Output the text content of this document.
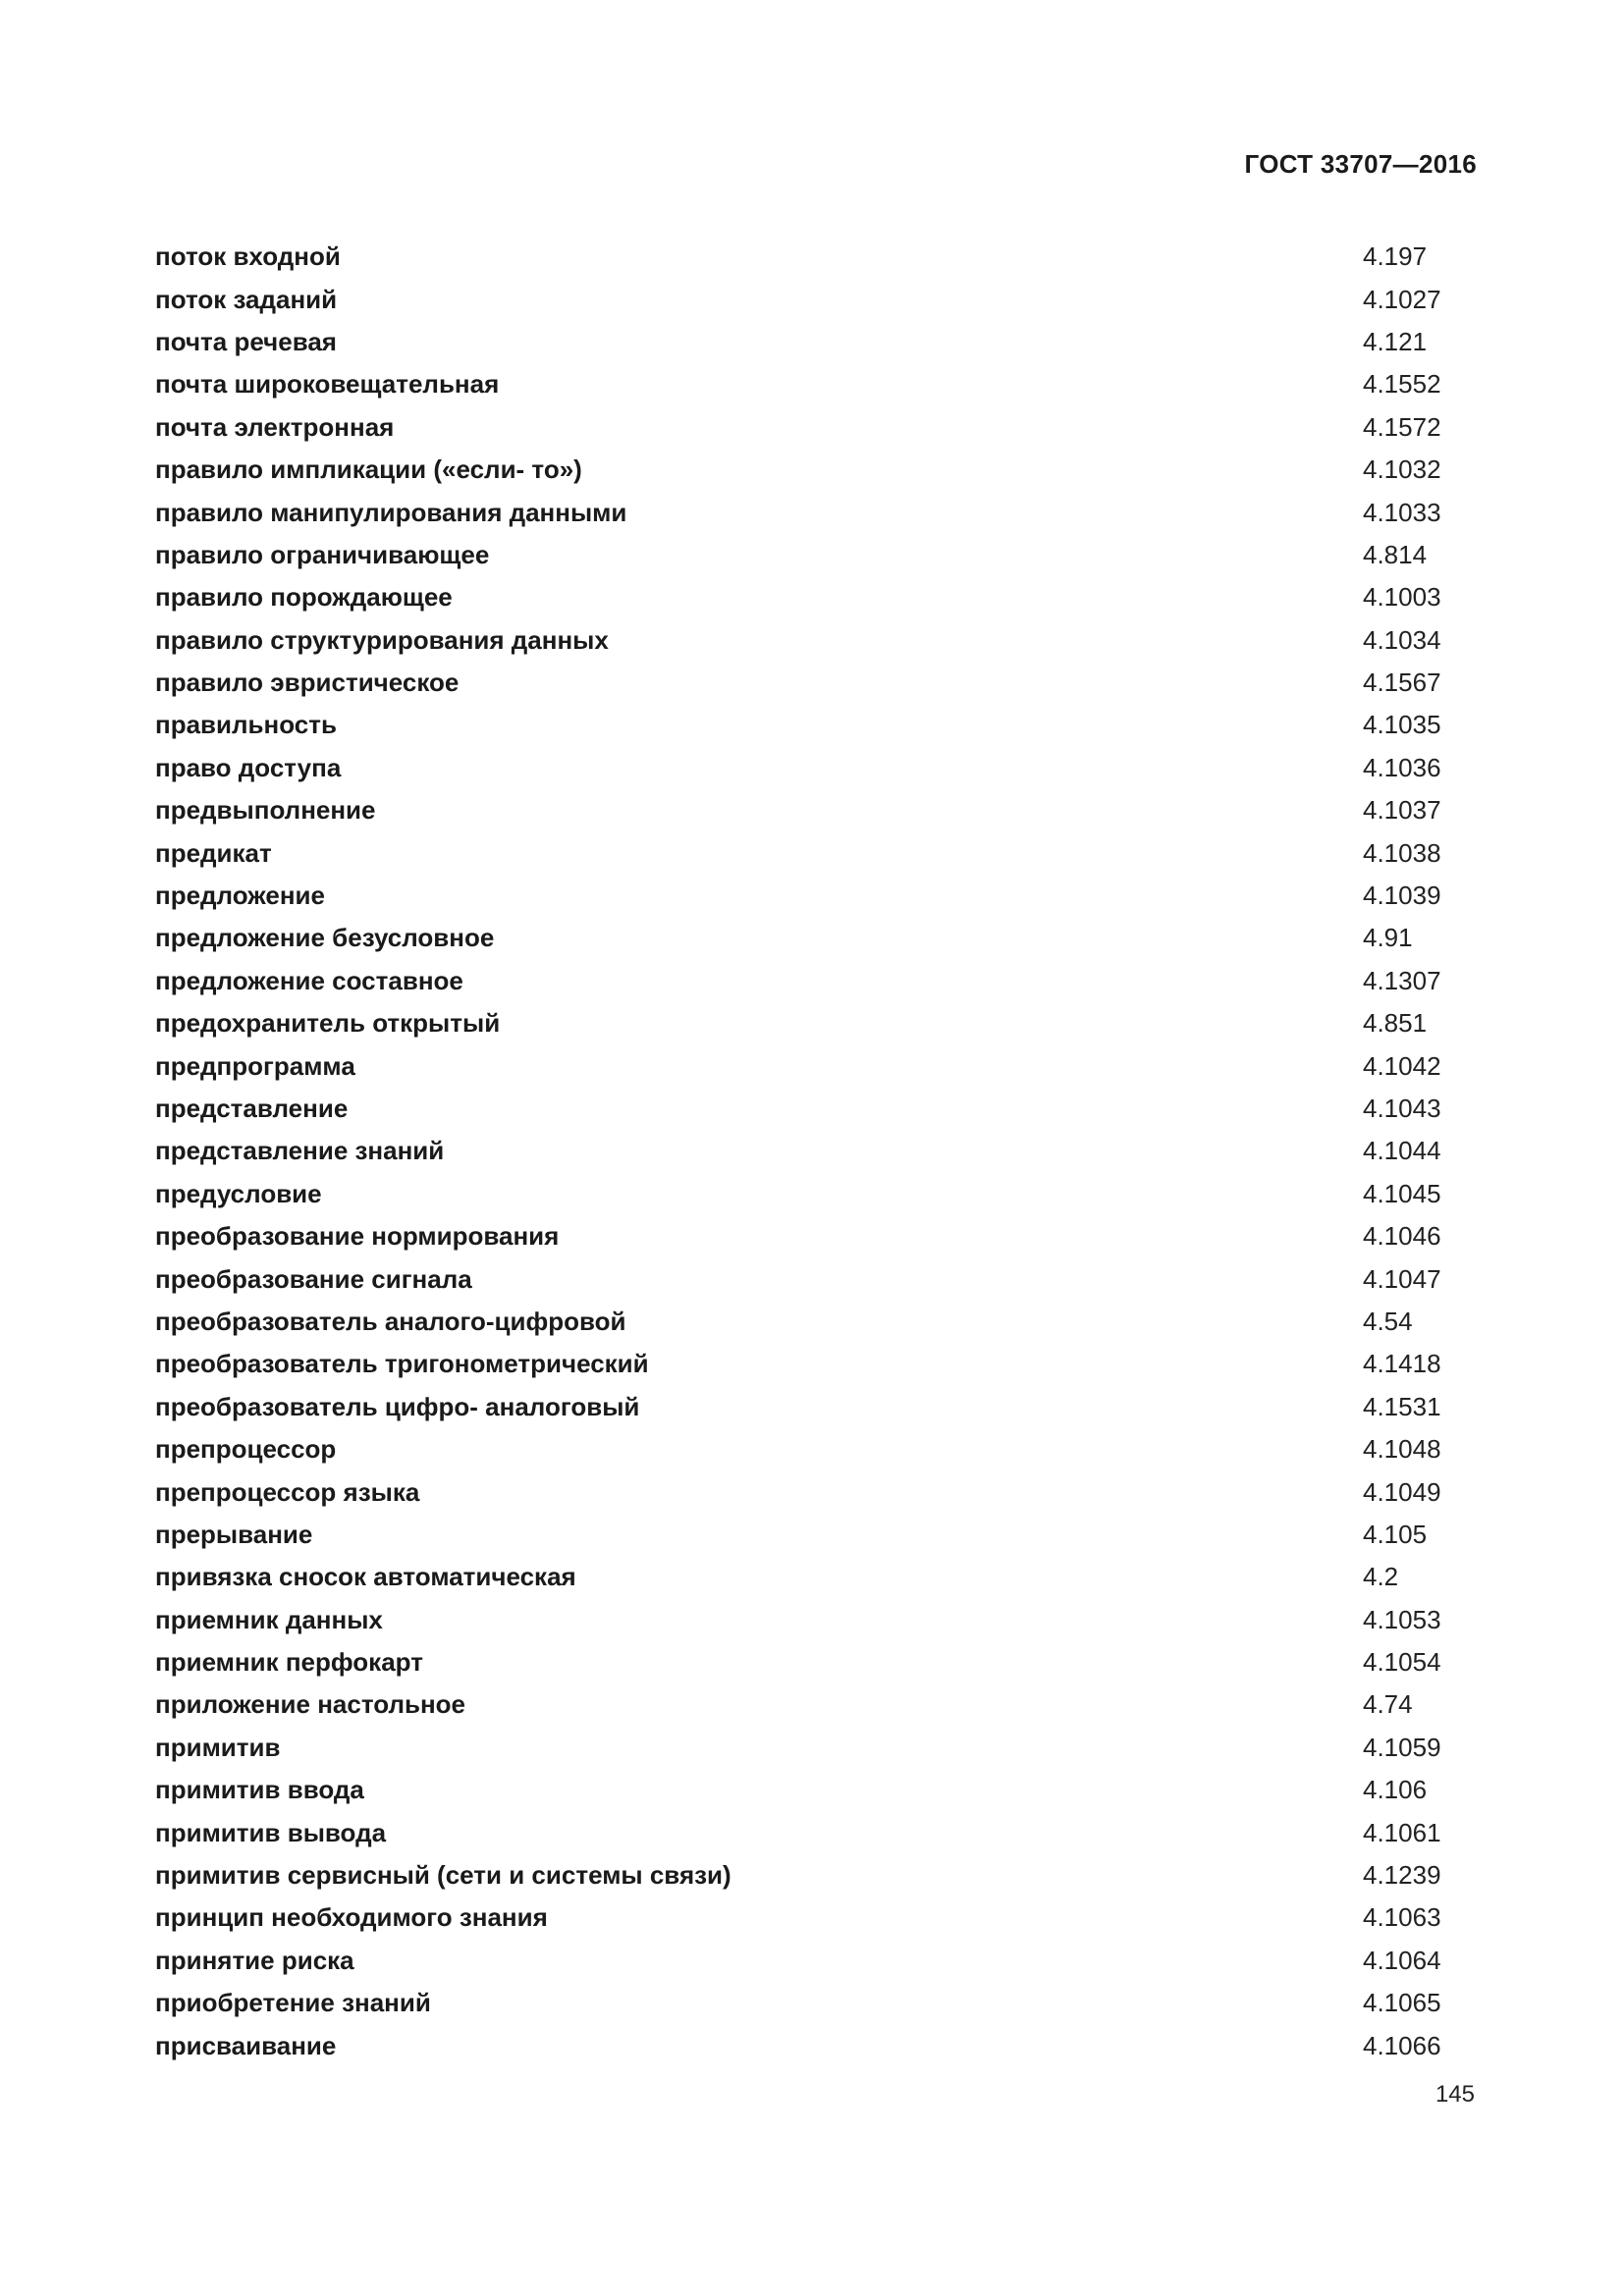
ГОСТ 33707—2016
поток входной	4.197
поток заданий	4.1027
почта речевая	4.121
почта широковещательная	4.1552
почта электронная	4.1572
правило импликации («если- то»)	4.1032
правило манипулирования данными	4.1033
правило ограничивающее	4.814
правило порождающее	4.1003
правило структурирования данных	4.1034
правило эвристическое	4.1567
правильность	4.1035
право доступа	4.1036
предвыполнение	4.1037
предикат	4.1038
предложение	4.1039
предложение безусловное	4.91
предложение составное	4.1307
предохранитель открытый	4.851
предпрограмма	4.1042
представление	4.1043
представление знаний	4.1044
предусловие	4.1045
преобразование нормирования	4.1046
преобразование сигнала	4.1047
преобразователь аналого-цифровой	4.54
преобразователь тригонометрический	4.1418
преобразователь цифро- аналоговый	4.1531
препроцессор	4.1048
препроцессор языка	4.1049
прерывание	4.105
привязка сносок автоматическая	4.2
приемник данных	4.1053
приемник перфокарт	4.1054
приложение настольное	4.74
примитив	4.1059
примитив ввода	4.106
примитив вывода	4.1061
примитив сервисный (сети и системы связи)	4.1239
принцип необходимого знания	4.1063
принятие риска	4.1064
приобретение знаний	4.1065
присваивание	4.1066
145
